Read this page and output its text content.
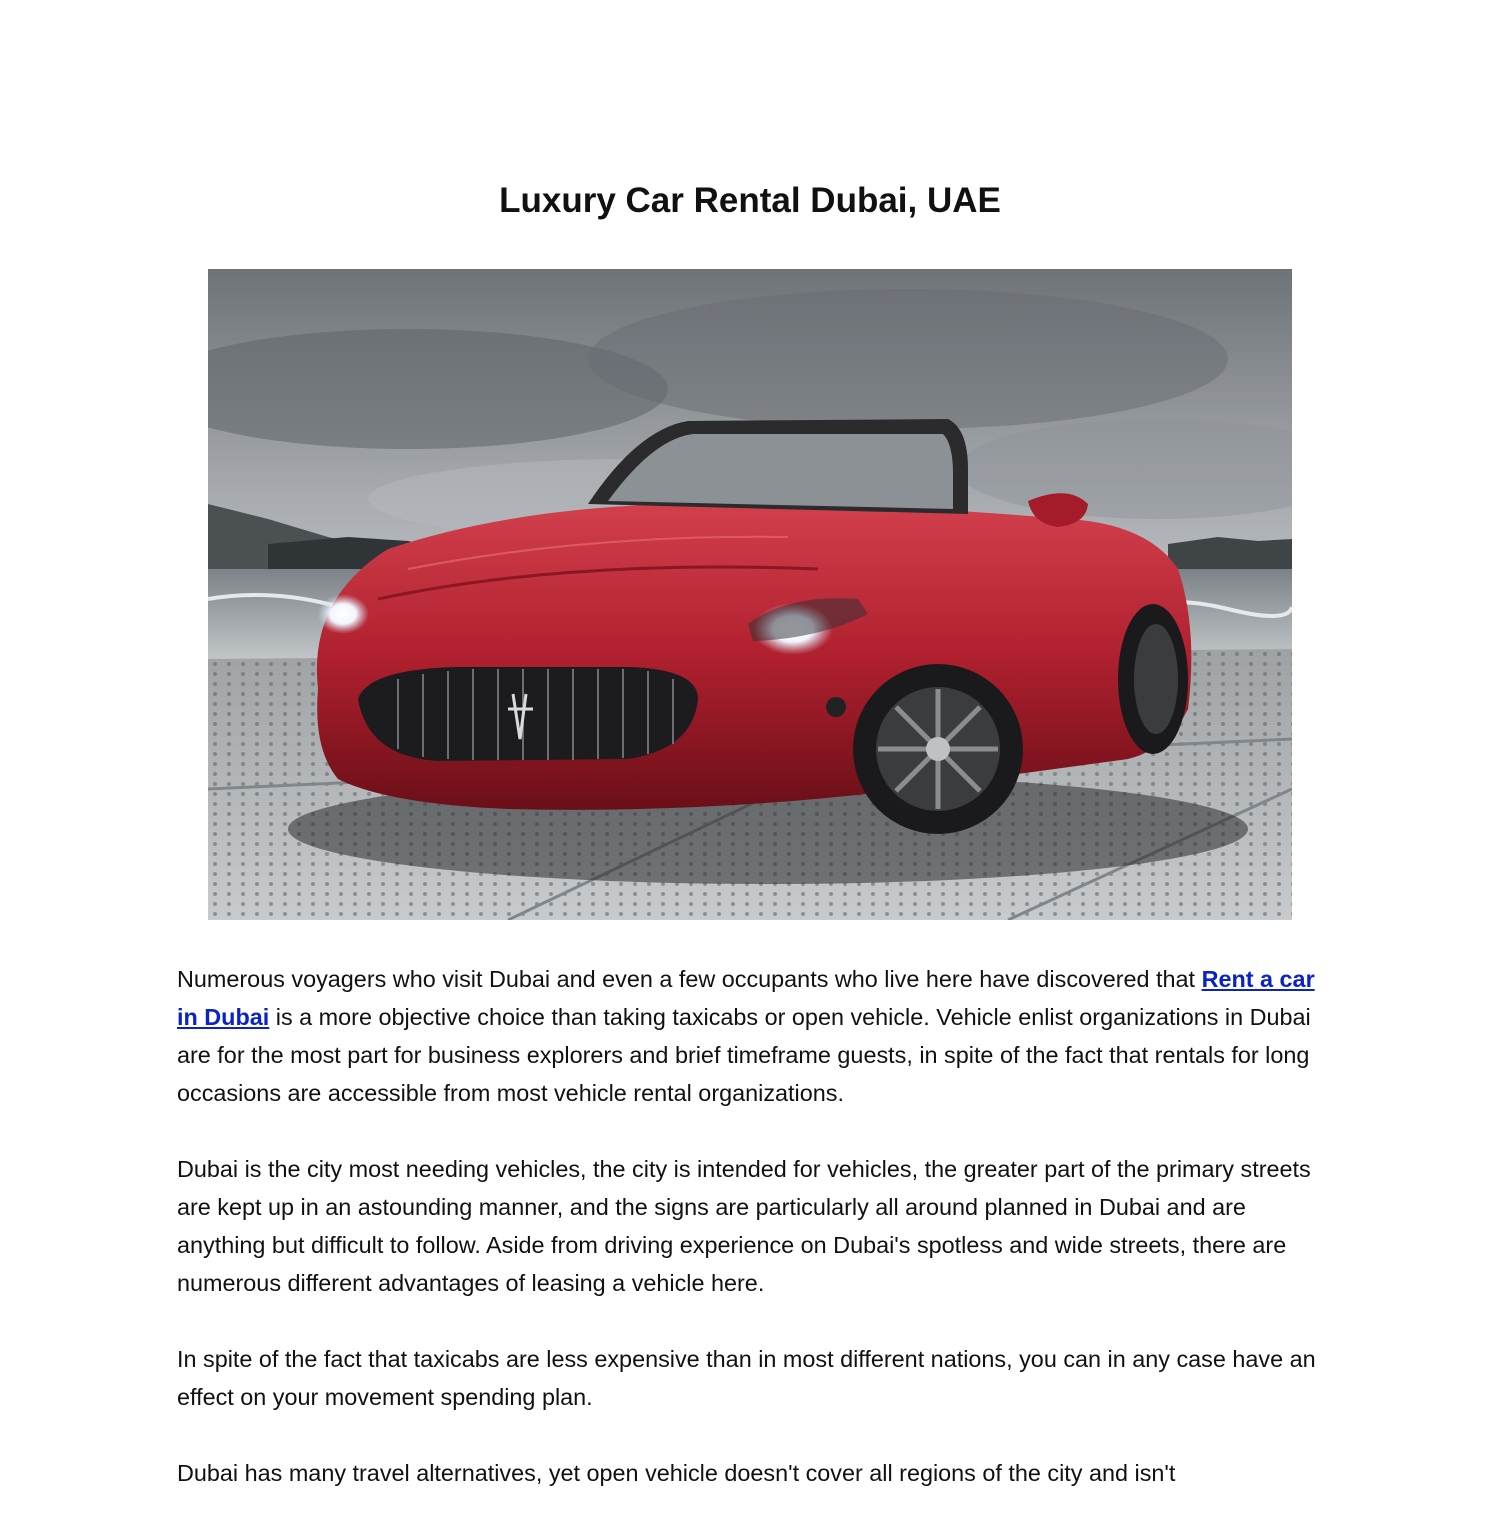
Luxury Car Rental Dubai, UAE

Numerous voyagers who visit Dubai and even a few occupants who live here have discovered that Rent a car in Dubai is a more objective choice than taking taxicabs or open vehicle. Vehicle enlist organizations in Dubai are for the most part for business explorers and brief timeframe guests, in spite of the fact that rentals for long occasions are accessible from most vehicle rental organizations.

Dubai is the city most needing vehicles, the city is intended for vehicles, the greater part of the primary streets are kept up in an astounding manner, and the signs are particularly all around planned in Dubai and are anything but difficult to follow. Aside from driving experience on Dubai's spotless and wide streets, there are numerous different advantages of leasing a vehicle here.

In spite of the fact that taxicabs are less expensive than in most different nations, you can in any case have an effect on your movement spending plan.

Dubai has many travel alternatives, yet open vehicle doesn't cover all regions of the city and isn't
